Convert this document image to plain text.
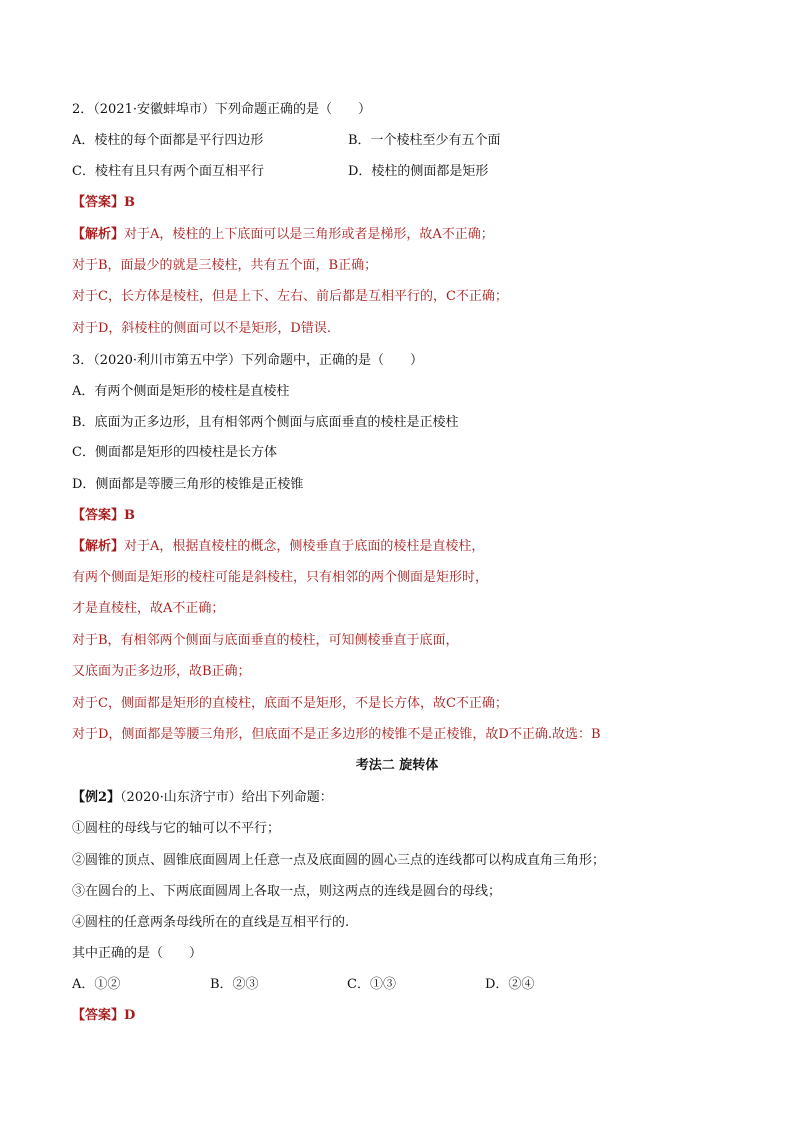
2．（2021·安徽蚌埠市）下列命题正确的是（　　）
A．棱柱的每个面都是平行四边形	B．一个棱柱至少有五个面
C．棱柱有且只有两个面互相平行	D．棱柱的侧面都是矩形
【答案】B
【解析】对于A，棱柱的上下底面可以是三角形或者是梯形，故A不正确；
对于B，面最少的就是三棱柱，共有五个面，B正确；
对于C，长方体是棱柱，但是上下、左右、前后都是互相平行的，C不正确；
对于D，斜棱柱的侧面可以不是矩形，D错误.
3．（2020·利川市第五中学）下列命题中，正确的是（　　）
A．有两个侧面是矩形的棱柱是直棱柱
B．底面为正多边形，且有相邻两个侧面与底面垂直的棱柱是正棱柱
C．侧面都是矩形的四棱柱是长方体
D．侧面都是等腰三角形的棱锥是正棱锥
【答案】B
【解析】对于A，根据直棱柱的概念，侧棱垂直于底面的棱柱是直棱柱，
有两个侧面是矩形的棱柱可能是斜棱柱，只有相邻的两个侧面是矩形时，
才是直棱柱，故A不正确；
对于B，有相邻两个侧面与底面垂直的棱柱，可知侧棱垂直于底面，
又底面为正多边形，故B正确；
对于C，侧面都是矩形的直棱柱，底面不是矩形，不是长方体，故C不正确；
对于D，侧面都是等腰三角形，但底面不是正多边形的棱锥不是正棱锥，故D不正确.故选：B
考法二 旋转体
【例2】（2020·山东济宁市）给出下列命题：
①圆柱的母线与它的轴可以不平行；
②圆锥的顶点、圆锥底面圆周上任意一点及底面圆的圆心三点的连线都可以构成直角三角形；
③在圆台的上、下两底面圆周上各取一点，则这两点的连线是圆台的母线；
④圆柱的任意两条母线所在的直线是互相平行的.
其中正确的是（　　）
A．①②	B．②③	C．①③	D．②④
【答案】D
